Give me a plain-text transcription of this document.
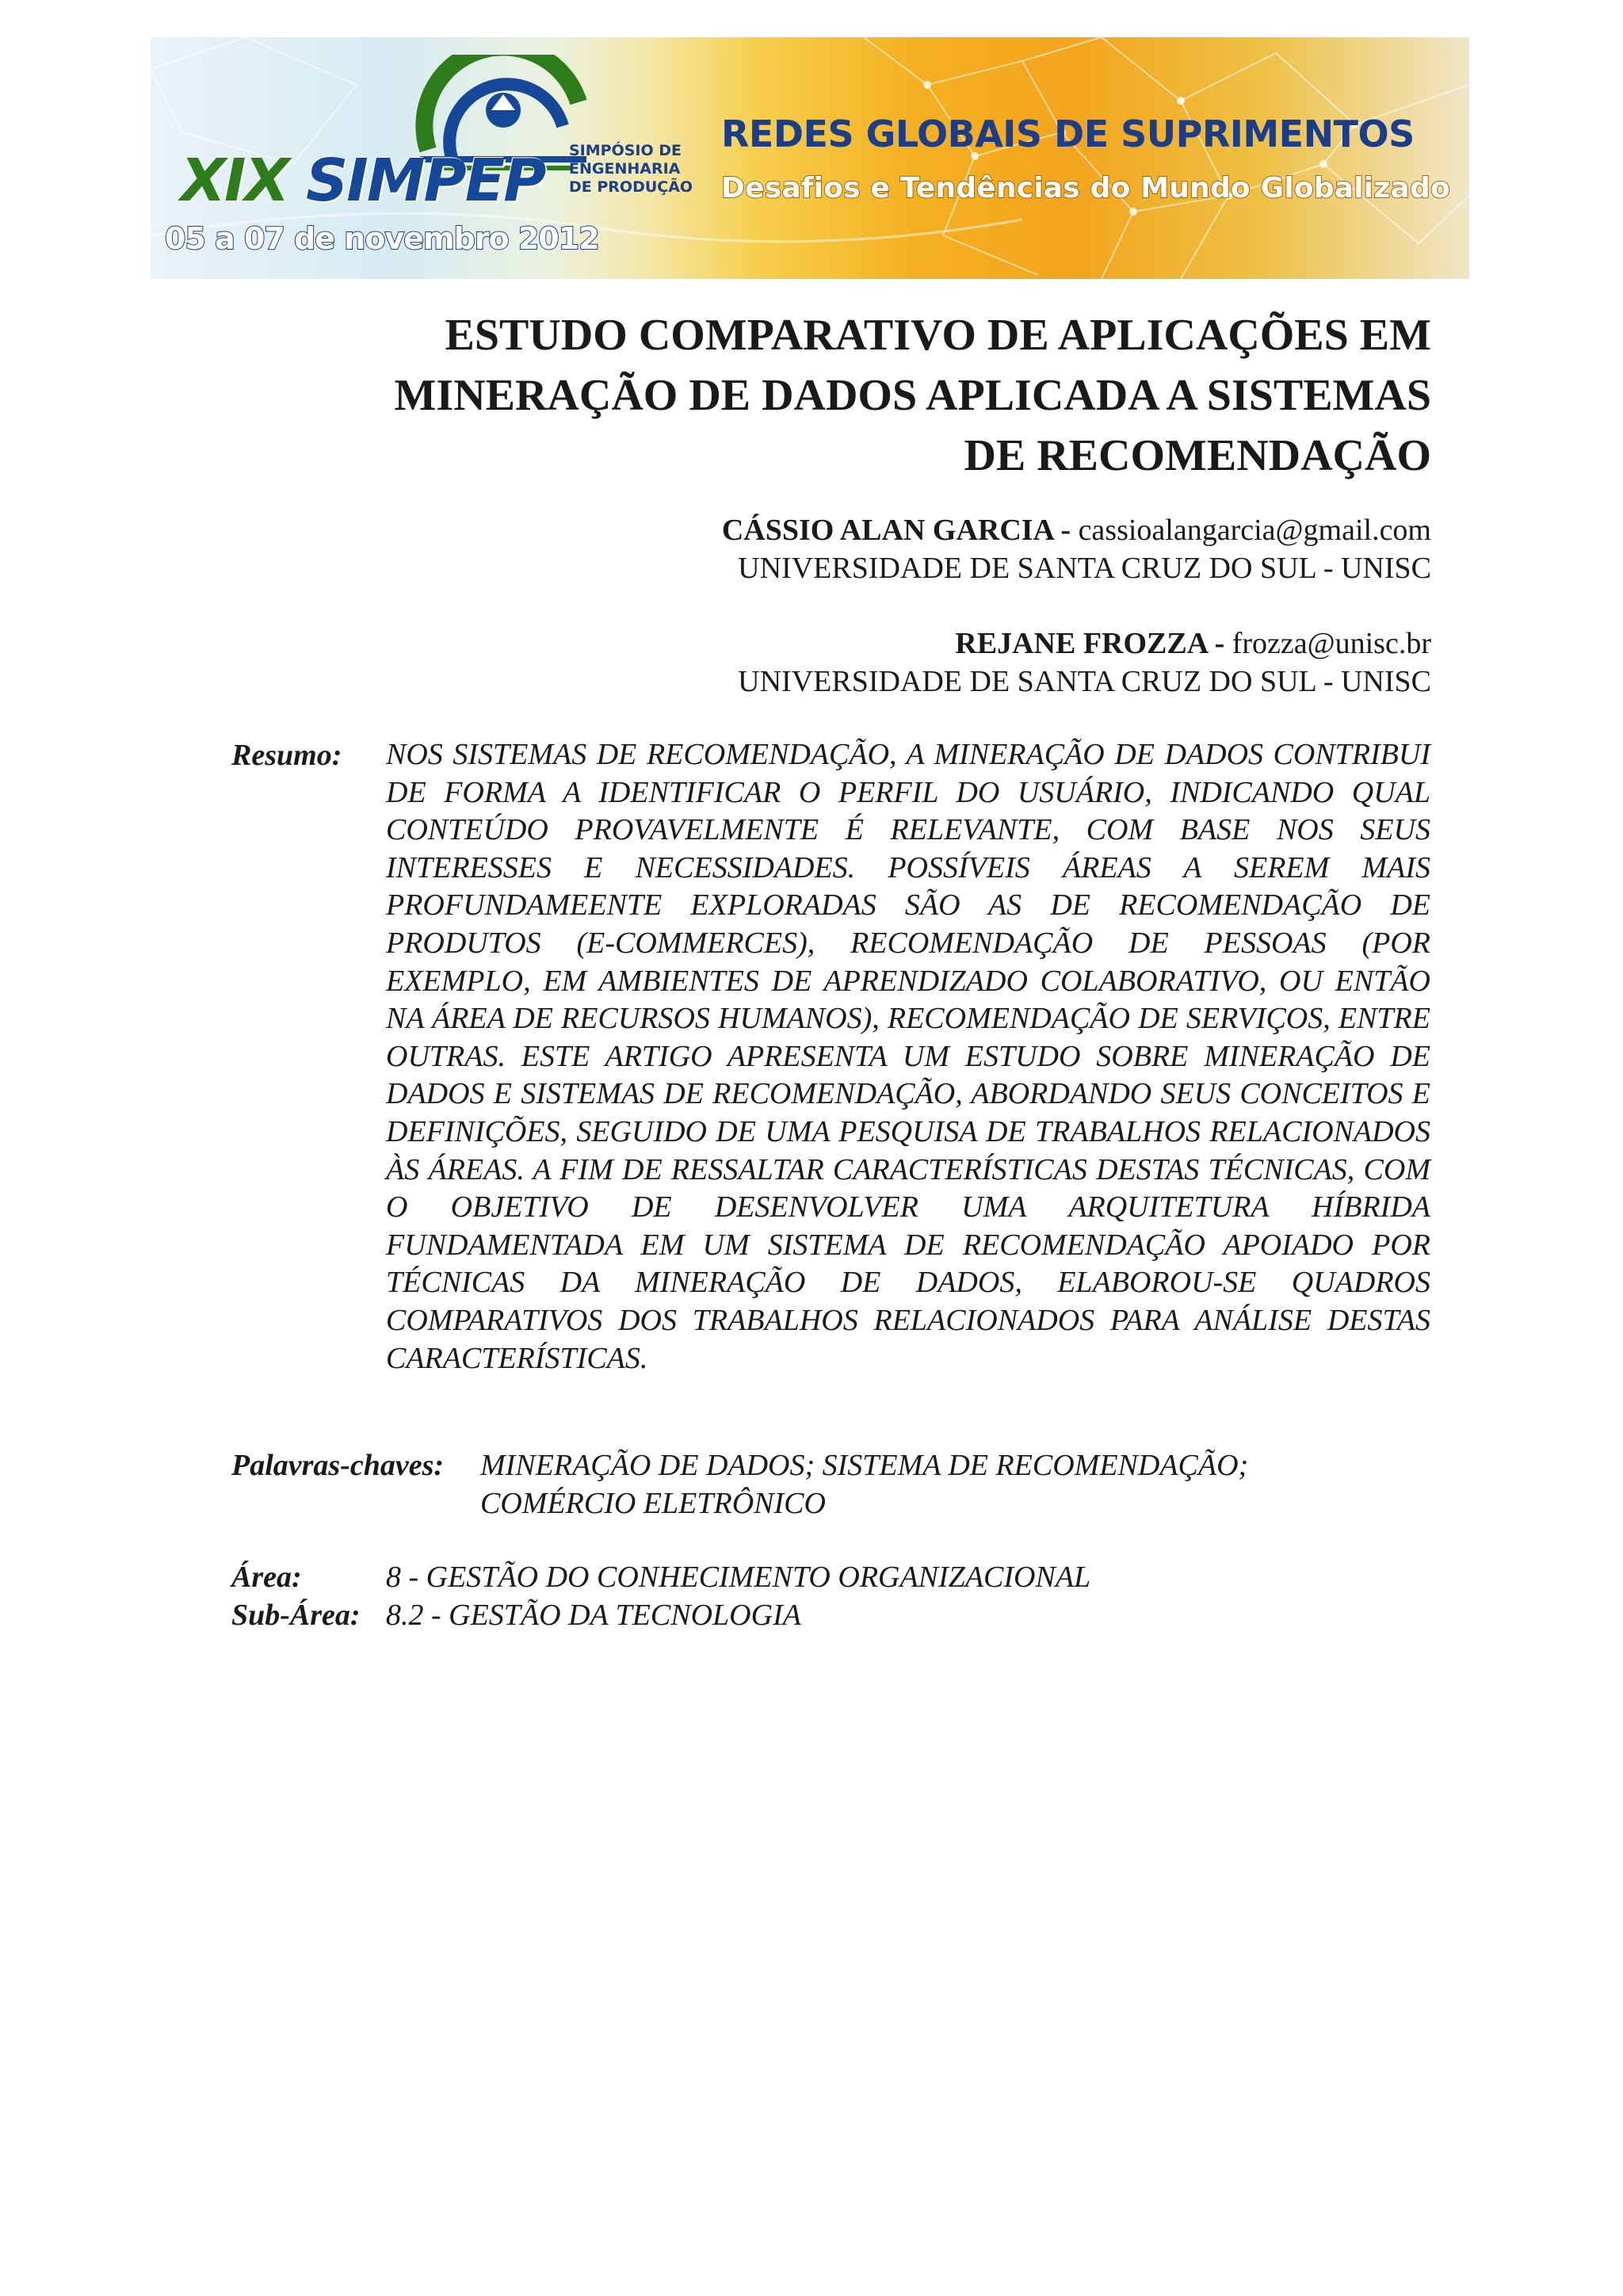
XIX SIMPEP
05 a 07 de novembro 2012
SIMPÓSIO DE
ENGENHARIA
DE PRODUÇÃO
REDES GLOBAIS DE SUPRIMENTOS
Desafios e Tendências do Mundo Globalizado
ESTUDO COMPARATIVO DE APLICAÇÕES EM
MINERAÇÃO DE DADOS APLICADA A SISTEMAS
DE RECOMENDAÇÃO
CÁSSIO ALAN GARCIA - cassioalangarcia@gmail.com
UNIVERSIDADE DE SANTA CRUZ DO SUL - UNISC
REJANE FROZZA - frozza@unisc.br
UNIVERSIDADE DE SANTA CRUZ DO SUL - UNISC
Resumo: NOS SISTEMAS DE RECOMENDAÇÃO, A MINERAÇÃO DE DADOS CONTRIBUI DE FORMA A IDENTIFICAR O PERFIL DO USUÁRIO, INDICANDO QUAL CONTEÚDO PROVAVELMENTE É RELEVANTE, COM BASE NOS SEUS INTERESSES E NECESSIDADES. POSSÍVEIS ÁREAS A SEREM MAIS PROFUNDAMEENTE EXPLORADAS SÃO AS DE RECOMENDAÇÃO DE PRODUTOS (E-COMMERCES), RECOMENDAÇÃO DE PESSOAS (POR EXEMPLO, EM AMBIENTES DE APRENDIZADO COLABORATIVO, OU ENTÃO NA ÁREA DE RECURSOS HUMANOS), RECOMENDAÇÃO DE SERVIÇOS, ENTRE OUTRAS. ESTE ARTIGO APRESENTA UM ESTUDO SOBRE MINERAÇÃO DE DADOS E SISTEMAS DE RECOMENDAÇÃO, ABORDANDO SEUS CONCEITOS E DEFINIÇÕES, SEGUIDO DE UMA PESQUISA DE TRABALHOS RELACIONADOS ÀS ÁREAS. A FIM DE RESSALTAR CARACTERÍSTICAS DESTAS TÉCNICAS, COM O OBJETIVO DE DESENVOLVER UMA ARQUITETURA HÍBRIDA FUNDAMENTADA EM UM SISTEMA DE RECOMENDAÇÃO APOIADO POR TÉCNICAS DA MINERAÇÃO DE DADOS, ELABOROU-SE QUADROS COMPARATIVOS DOS TRABALHOS RELACIONADOS PARA ANÁLISE DESTAS CARACTERÍSTICAS.
Palavras-chaves: MINERAÇÃO DE DADOS; SISTEMA DE RECOMENDAÇÃO;
COMÉRCIO ELETRÔNICO
Área:	8 - GESTÃO DO CONHECIMENTO ORGANIZACIONAL
Sub-Área: 8.2 - GESTÃO DA TECNOLOGIA
